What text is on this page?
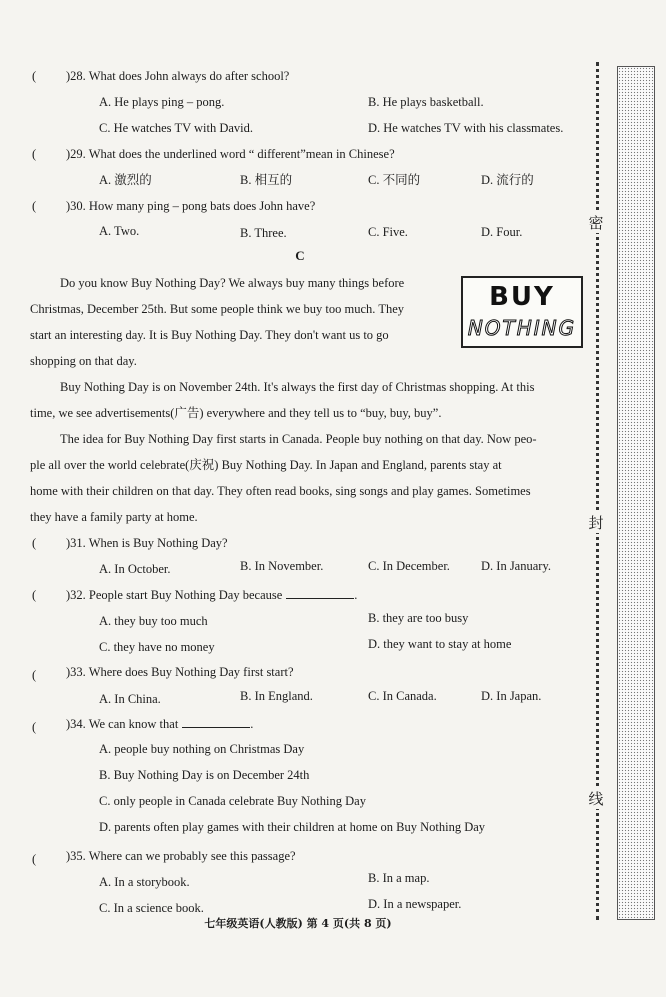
( )28. What does John always do after school?
A. He plays ping – pong.	B. He plays basketball.
C. He watches TV with David.	D. He watches TV with his classmates.
( )29. What does the underlined word “ different”mean in Chinese?
A. 激烈的	B. 相互的	C. 不同的	D. 流行的
( )30. How many ping – pong bats does John have?
A. Two.	B. Three.	C. Five.	D. Four.
C
BUY
NOTHING
Do you know Buy Nothing Day? We always buy many things before
Christmas, December 25th. But some people think we buy too much. They
start an interesting day. It is Buy Nothing Day. They don't want us to go
shopping on that day.
Buy Nothing Day is on November 24th. It's always the first day of Christmas shopping. At this
time, we see advertisements(广告) everywhere and they tell us to “buy, buy, buy”.
The idea for Buy Nothing Day first starts in Canada. People buy nothing on that day. Now peo-
ple all over the world celebrate(庆祝) Buy Nothing Day. In Japan and England, parents stay at
home with their children on that day. They often read books, sing songs and play games. Sometimes
they have a family party at home.
( )31. When is Buy Nothing Day?
A. In October.	B. In November.	C. In December. D. In January.
( )32. People start Buy Nothing Day because	.
A. they buy too much	B. they are too busy
C. they have no money	D. they want to stay at home
( )33. Where does Buy Nothing Day first start?
A. In China.	B. In England.	C. In Canada.	D. In Japan.
( )34. We can know that	.
A. people buy nothing on Christmas Day
B. Buy Nothing Day is on December 24th
C. only people in Canada celebrate Buy Nothing Day
D. parents often play games with their children at home on Buy Nothing Day
( )35. Where can we probably see this passage?
A. In a storybook.	B. In a map.
C. In a science book.	D. In a newspaper.
密
封
线
七年级英语(人教版) 第 4 页(共 8 页)
